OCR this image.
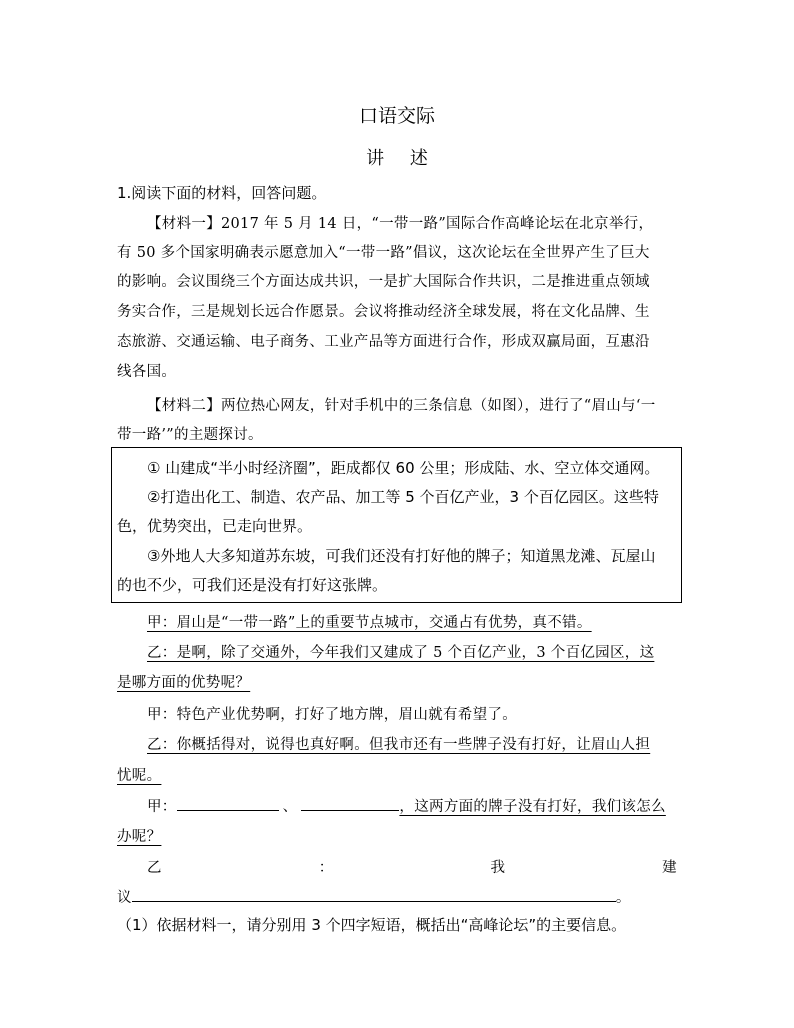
口语交际
讲 述
1.阅读下面的材料，回答问题。
【材料一】2017 年 5 月 14 日，“一带一路”国际合作高峰论坛在北京举行，
有 50 多个国家明确表示愿意加入“一带一路”倡议，这次论坛在全世界产生了巨大
的影响。会议围绕三个方面达成共识，一是扩大国际合作共识，二是推进重点领域
务实合作，三是规划长远合作愿景。会议将推动经济全球发展，将在文化品牌、生
态旅游、交通运输、电子商务、工业产品等方面进行合作，形成双赢局面，互惠沿
线各国。
【材料二】两位热心网友，针对手机中的三条信息（如图），进行了“眉山与‘一
带一路’”的主题探讨。
① 山建成“半小时经济圈”，距成都仅 60 公里；形成陆、水、空立体交通网。
②打造出化工、制造、农产品、加工等 5 个百亿产业，3 个百亿园区。这些特
色，优势突出，已走向世界。
③外地人大多知道苏东坡，可我们还没有打好他的牌子；知道黑龙滩、瓦屋山
的也不少，可我们还是没有打好这张牌。
甲：眉山是“一带一路”上的重要节点城市，交通占有优势，真不错。
乙：是啊，除了交通外，今年我们又建成了 5 个百亿产业，3 个百亿园区，这
是哪方面的优势呢？
甲：特色产业优势啊，打好了地方牌，眉山就有希望了。
乙：你概括得对，说得也真好啊。但我市还有一些牌子没有打好，让眉山人担
忧呢。
甲：	、	，这两方面的牌子没有打好，我们该怎么
办呢？
乙	：	我	建
议	。
（1）依据材料一，请分别用 3 个四字短语，概括出“高峰论坛”的主要信息。
